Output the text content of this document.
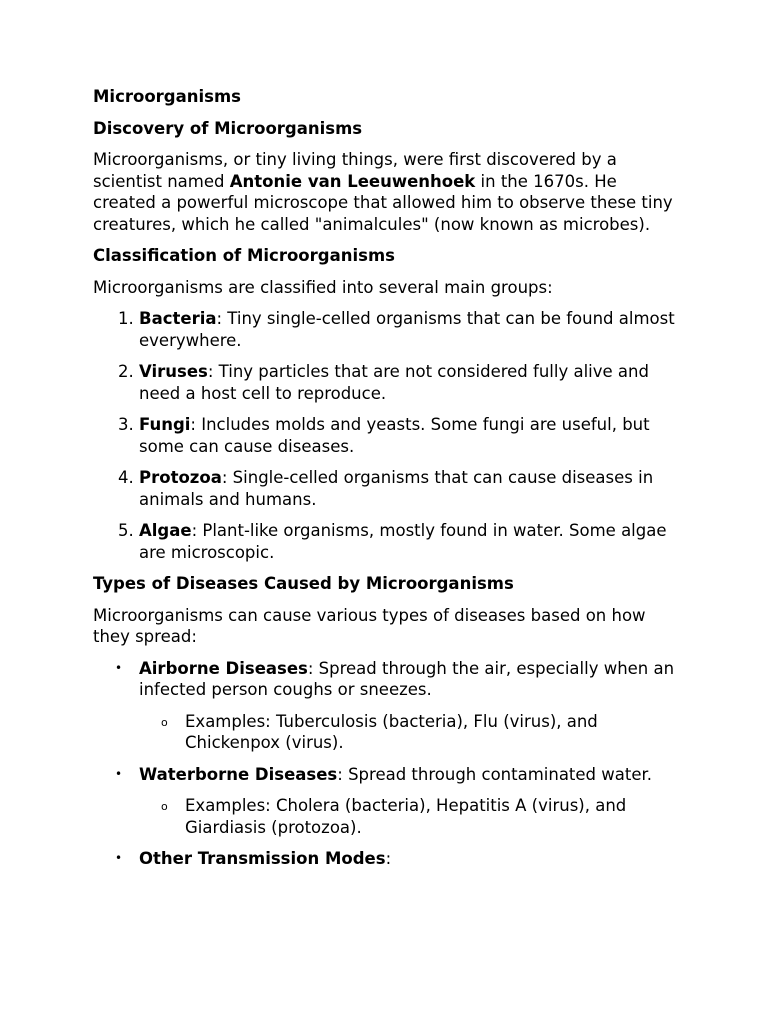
Microorganisms
Discovery of Microorganisms
Microorganisms, or tiny living things, were first discovered by a scientist named Antonie van Leeuwenhoek in the 1670s. He created a powerful microscope that allowed him to observe these tiny creatures, which he called "animalcules" (now known as microbes).
Classification of Microorganisms
Microorganisms are classified into several main groups:
1. Bacteria: Tiny single-celled organisms that can be found almost everywhere.
2. Viruses: Tiny particles that are not considered fully alive and need a host cell to reproduce.
3. Fungi: Includes molds and yeasts. Some fungi are useful, but some can cause diseases.
4. Protozoa: Single-celled organisms that can cause diseases in animals and humans.
5. Algae: Plant-like organisms, mostly found in water. Some algae are microscopic.
Types of Diseases Caused by Microorganisms
Microorganisms can cause various types of diseases based on how they spread:
• Airborne Diseases: Spread through the air, especially when an infected person coughs or sneezes.
o Examples: Tuberculosis (bacteria), Flu (virus), and Chickenpox (virus).
• Waterborne Diseases: Spread through contaminated water.
o Examples: Cholera (bacteria), Hepatitis A (virus), and Giardiasis (protozoa).
• Other Transmission Modes:
